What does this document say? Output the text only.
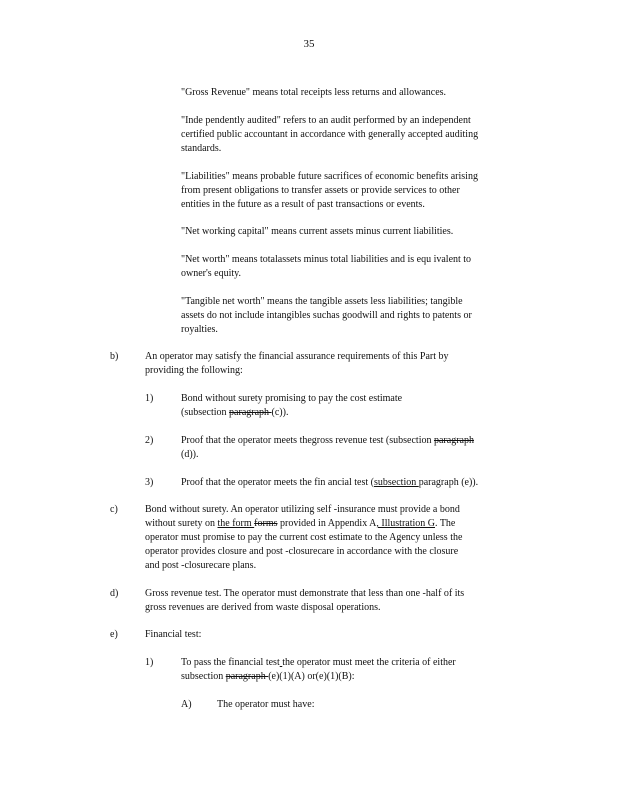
35
"Gross Revenue" means total receipts less returns and allowances.
"Inde pendently audited" refers to an audit performed by an independent
certified public accountant in accordance with generally accepted auditing
standards.
"Liabilities" means probable future sacrifices of economic benefits arising
from present obligations to transfer assets or provide services to other
entities in the future as a result of past transactions or events.
"Net working capital" means current assets minus current liabilities.
"Net worth" means totalassets minus total liabilities and is equ ivalent to
owner's equity.
"Tangible net worth" means the tangible assets less liabilities; tangible
assets do not include intangibles suchas goodwill and rights to patents or
royalties.
b)	An operator may satisfy the financial assurance requirements of this Part by
providing the following:
1)	Bond without surety promising to pay the cost estimate
(subsection paragraph (c)).
2)	Proof that the operator meets thegross revenue test (subsection paragraph
(d)).
3)	Proof that the operator meets the fin ancial test (subsection paragraph (e)).
c)	Bond without surety. An operator utilizing self -insurance must provide a bond
without surety on the form forms provided in Appendix A, Illustration G. The
operator must promise to pay the current cost estimate to the Agency unless the
operator provides closure and post -closurecare in accordance with the closure
and post -closurecare plans.
d)	Gross revenue test. The operator must demonstrate that less than one -half of its
gross revenues are derived from waste disposal operations.
e)	Financial test:
1)	To pass the financial test the operator must meet the criteria of either
subsection paragraph (e)(1)(A) or(e)(1)(B):
A)	The operator must have:
